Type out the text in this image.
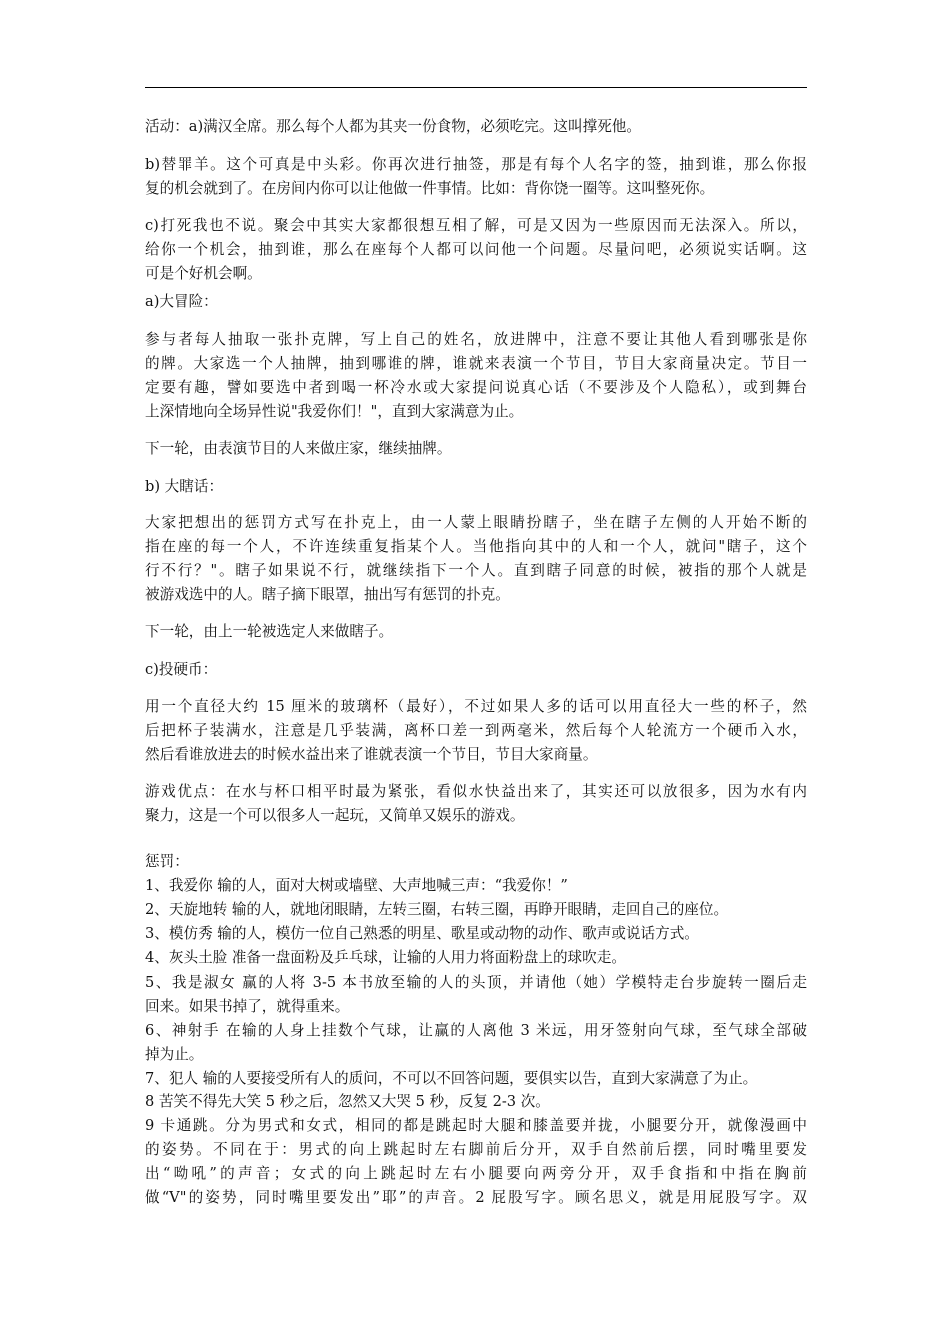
活动：a)满汉全席。那么每个人都为其夹一份食物，必须吃完。这叫撑死他。
b)替罪羊。这个可真是中头彩。你再次进行抽签，那是有每个人名字的签，抽到谁，那么你报
复的机会就到了。在房间内你可以让他做一件事情。比如：背你饶一圈等。这叫整死你。
c)打死我也不说。聚会中其实大家都很想互相了解，可是又因为一些原因而无法深入。所以，
给你一个机会，抽到谁，那么在座每个人都可以问他一个问题。尽量问吧，必须说实话啊。这
可是个好机会啊。
a)大冒险：
参与者每人抽取一张扑克牌，写上自己的姓名，放进牌中，注意不要让其他人看到哪张是你
的牌。大家选一个人抽牌，抽到哪谁的牌，谁就来表演一个节目，节目大家商量决定。节目一
定要有趣，譬如要选中者到喝一杯冷水或大家提问说真心话（不要涉及个人隐私），或到舞台
上深情地向全场异性说"我爱你们！"，直到大家满意为止。
下一轮，由表演节目的人来做庄家，继续抽牌。
b) 大瞎话：
大家把想出的惩罚方式写在扑克上，由一人蒙上眼睛扮瞎子，坐在瞎子左侧的人开始不断的
指在座的每一个人，不许连续重复指某个人。当他指向其中的人和一个人，就问"瞎子，这个
行不行？"。瞎子如果说不行，就继续指下一个人。直到瞎子同意的时候，被指的那个人就是
被游戏选中的人。瞎子摘下眼罩，抽出写有惩罚的扑克。
下一轮，由上一轮被选定人来做瞎子。
c)投硬币：
用一个直径大约 15 厘米的玻璃杯（最好），不过如果人多的话可以用直径大一些的杯子，然
后把杯子装满水，注意是几乎装满，离杯口差一到两毫米，然后每个人轮流方一个硬币入水，
然后看谁放进去的时候水益出来了谁就表演一个节目，节目大家商量。
游戏优点：在水与杯口相平时最为紧张，看似水快益出来了，其实还可以放很多，因为水有内
聚力，这是一个可以很多人一起玩，又简单又娱乐的游戏。
惩罚：
1、我爱你 输的人，面对大树或墙壁、大声地喊三声：“我爱你！”
2、天旋地转 输的人，就地闭眼睛，左转三圈，右转三圈，再睁开眼睛，走回自己的座位。
3、模仿秀 输的人，模仿一位自己熟悉的明星、歌星或动物的动作、歌声或说话方式。
4、灰头土脸 准备一盘面粉及乒乓球，让输的人用力将面粉盘上的球吹走。
5、我是淑女 赢的人将 3-5 本书放至输的人的头顶，并请他（她）学模特走台步旋转一圈后走
回来。如果书掉了，就得重来。
6、神射手 在输的人身上挂数个气球，让赢的人离他 3 米远，用牙签射向气球，至气球全部破
掉为止。
7、犯人 输的人要接受所有人的质问，不可以不回答问题，要俱实以告，直到大家满意了为止。
8 苦笑不得先大笑 5 秒之后，忽然又大哭 5 秒，反复 2-3 次。
9 卡通跳。分为男式和女式，相同的都是跳起时大腿和膝盖要并拢，小腿要分开，就像漫画中
的姿势。不同在于：男式的向上跳起时左右脚前后分开，双手自然前后摆，同时嘴里要发
出“呦吼”的声音；女式的向上跳起时左右小腿要向两旁分开，双手食指和中指在胸前
做“V"的姿势，同时嘴里要发出”耶”的声音。2 屁股写字。顾名思义，就是用屁股写字。双
